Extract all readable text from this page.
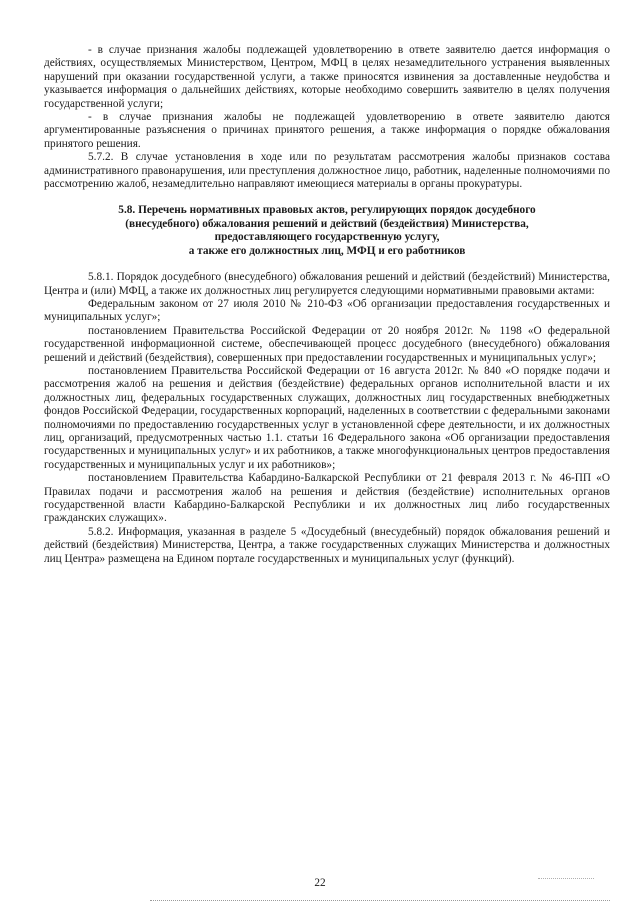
- в случае признания жалобы подлежащей удовлетворению в ответе заявителю дается информация о действиях, осуществляемых Министерством, Центром, МФЦ в целях незамедлительного устранения выявленных нарушений при оказании государственной услуги, а также приносятся извинения за доставленные неудобства и указывается информация о дальнейших действиях, которые необходимо совершить заявителю в целях получения государственной услуги;

- в случае признания жалобы не подлежащей удовлетворению в ответе заявителю даются аргументированные разъяснения о причинах принятого решения, а также информация о порядке обжалования принятого решения.

5.7.2. В случае установления в ходе или по результатам рассмотрения жалобы признаков состава административного правонарушения, или преступления должностное лицо, работник, наделенные полномочиями по рассмотрению жалоб, незамедлительно направляют имеющиеся материалы в органы прокуратуры.

5.8. Перечень нормативных правовых актов, регулирующих порядок досудебного
(внесудебного) обжалования решений и действий (бездействия) Министерства,
предоставляющего государственную услугу,
а также его должностных лиц, МФЦ и его работников

5.8.1. Порядок досудебного (внесудебного) обжалования решений и действий (бездействий) Министерства, Центра и (или) МФЦ, а также их должностных лиц регулируется следующими нормативными правовыми актами:

Федеральным законом от 27 июля 2010 № 210-ФЗ «Об организации предоставления государственных и муниципальных услуг»;

постановлением Правительства Российской Федерации от 20 ноября 2012г. № 1198 «О федеральной государственной информационной системе, обеспечивающей процесс досудебного (внесудебного) обжалования решений и действий (бездействия), совершенных при предоставлении государственных и муниципальных услуг»;

постановлением Правительства Российской Федерации от 16 августа 2012г. № 840 «О порядке подачи и рассмотрения жалоб на решения и действия (бездействие) федеральных органов исполнительной власти и их должностных лиц, федеральных государственных служащих, должностных лиц государственных внебюджетных фондов Российской Федерации, государственных корпораций, наделенных в соответствии с федеральными законами полномочиями по предоставлению государственных услуг в установленной сфере деятельности, и их должностных лиц, организаций, предусмотренных частью 1.1. статьи 16 Федерального закона «Об организации предоставления государственных и муниципальных услуг» и их работников, а также многофункциональных центров предоставления государственных и муниципальных услуг и их работников»;

постановлением Правительства Кабардино-Балкарской Республики от 21 февраля 2013 г. № 46-ПП «О Правилах подачи и рассмотрения жалоб на решения и действия (бездействие) исполнительных органов государственной власти Кабардино-Балкарской Республики и их должностных лиц либо государственных гражданских служащих».

5.8.2. Информация, указанная в разделе 5 «Досудебный (внесудебный) порядок обжалования решений и действий (бездействия) Министерства, Центра, а также государственных служащих Министерства и должностных лиц Центра» размещена на Едином портале государственных и муниципальных услуг (функций).

22
